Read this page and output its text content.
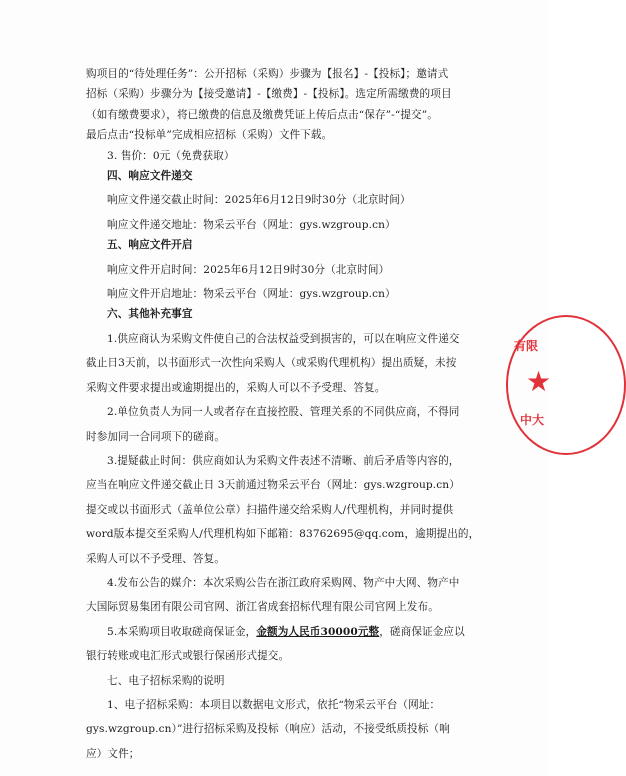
购项目的“待处理任务”：公开招标（采购）步骤为【报名】-【投标】；邀请式
招标（采购）步骤分为【接受邀请】-【缴费】-【投标】。选定所需缴费的项目
（如有缴费要求），将已缴费的信息及缴费凭证上传后点击“保存”-“提交”。
最后点击“投标单”完成相应招标（采购）文件下载。
3. 售价：0元（免费获取）
四、响应文件递交
响应文件递交截止时间：2025年6月12日9时30分（北京时间）
响应文件递交地址：物采云平台（网址：gys.wzgroup.cn）
五、响应文件开启
响应文件开启时间：2025年6月12日9时30分（北京时间）
响应文件开启地址：物采云平台（网址：gys.wzgroup.cn）
六、其他补充事宜
1.供应商认为采购文件使自己的合法权益受到损害的，可以在响应文件递交
截止日3天前，以书面形式一次性向采购人（或采购代理机构）提出质疑，未按
采购文件要求提出或逾期提出的，采购人可以不予受理、答复。
2.单位负责人为同一人或者存在直接控股、管理关系的不同供应商，不得同
时参加同一合同项下的磋商。
3.提疑截止时间：供应商如认为采购文件表述不清晰、前后矛盾等内容的，
应当在响应文件递交截止日 3天前通过物采云平台（网址：gys.wzgroup.cn）
提交或以书面形式（盖单位公章）扫描件递交给采购人/代理机构，并同时提供
word版本提交至采购人/代理机构如下邮箱：83762695@qq.com，逾期提出的，
采购人可以不予受理、答复。
4.发布公告的媒介：本次采购公告在浙江政府采购网、物产中大网、物产中
大国际贸易集团有限公司官网、浙江省成套招标代理有限公司官网上发布。
5.本采购项目收取磋商保证金，金额为人民币30000元整，磋商保证金应以
银行转账或电汇形式或银行保函形式提交。
七、电子招标采购的说明
1、电子招标采购：本项目以数据电文形式，依托“物采云平台（网址：
gys.wzgroup.cn）”进行招标采购及投标（响应）活动，不接受纸质投标（响
应）文件；
有限
★
中大
